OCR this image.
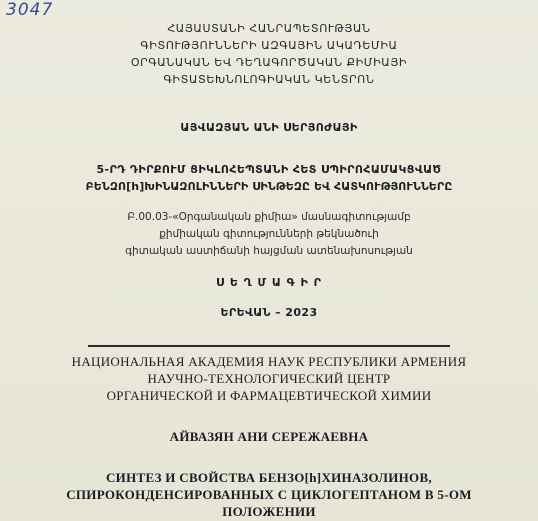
3047
ՀԱՅԱՍՏԱՆԻ ՀԱՆՐԱՊԵՏՈՒԹՅԱՆ
ԳԻՏՈՒԹՅՈՒՆՆԵՐԻ ԱԶԳԱՅԻՆ ԱԿԱԴԵՄԻԱ
ՕՐԳԱՆԱԿԱՆ ԵՎ ԴԵՂԱԳՈՐԾԱԿԱՆ ՔԻՄԻԱՅԻ
ԳԻՏԱՏԵԽՆՈԼՈԳԻԱԿԱՆ ԿԵՆՏՐՈՆ
ԱՅՎԱԶՅԱՆ ԱՆԻ ՍԵՐՅՈԺԱՅԻ
5-ՐԴ ԴԻՐՔՈՒՄ ՑԻԿԼՈՀԵՊՏԱՆԻ ՀԵՏ ՍՊԻՐՈՀԱՄԱԿՑՎԱԾ
ԲԵՆԶՈ[h]ԽԻՆԱԶՈԼԻՆՆԵՐԻ ՍԻՆԹԵԶԸ ԵՎ ՀԱՏԿՈՒԹՅՈՒՆՆԵՐԸ
Բ.00.03-«Օրգանական քիմիա» մասնագիտությամբ
քիմիական գիտությունների թեկնածուի
գիտական աստիճանի հայցման ատենախոսության
Ս Ե Ղ Մ Ա Գ Ի Ր
ԵՐԵՎԱՆ – 2023
НАЦИОНАЛЬНАЯ АКАДЕМИЯ НАУК РЕСПУБЛИКИ АРМЕНИЯ
НАУЧНО-ТЕХНОЛОГИЧЕСКИЙ ЦЕНТР
ОРГАНИЧЕСКОЙ И ФАРМАЦЕВТИЧЕСКОЙ ХИМИИ
АЙВАЗЯН АНИ СЕРЕЖАЕВНА
СИНТЕЗ И СВОЙСТВА БЕНЗО[h]ХИНАЗОЛИНОВ,
СПИРОКОНДЕНСИРОВАННЫХ С ЦИКЛОГЕПТАНОМ В 5-ОМ
ПОЛОЖЕНИИ
